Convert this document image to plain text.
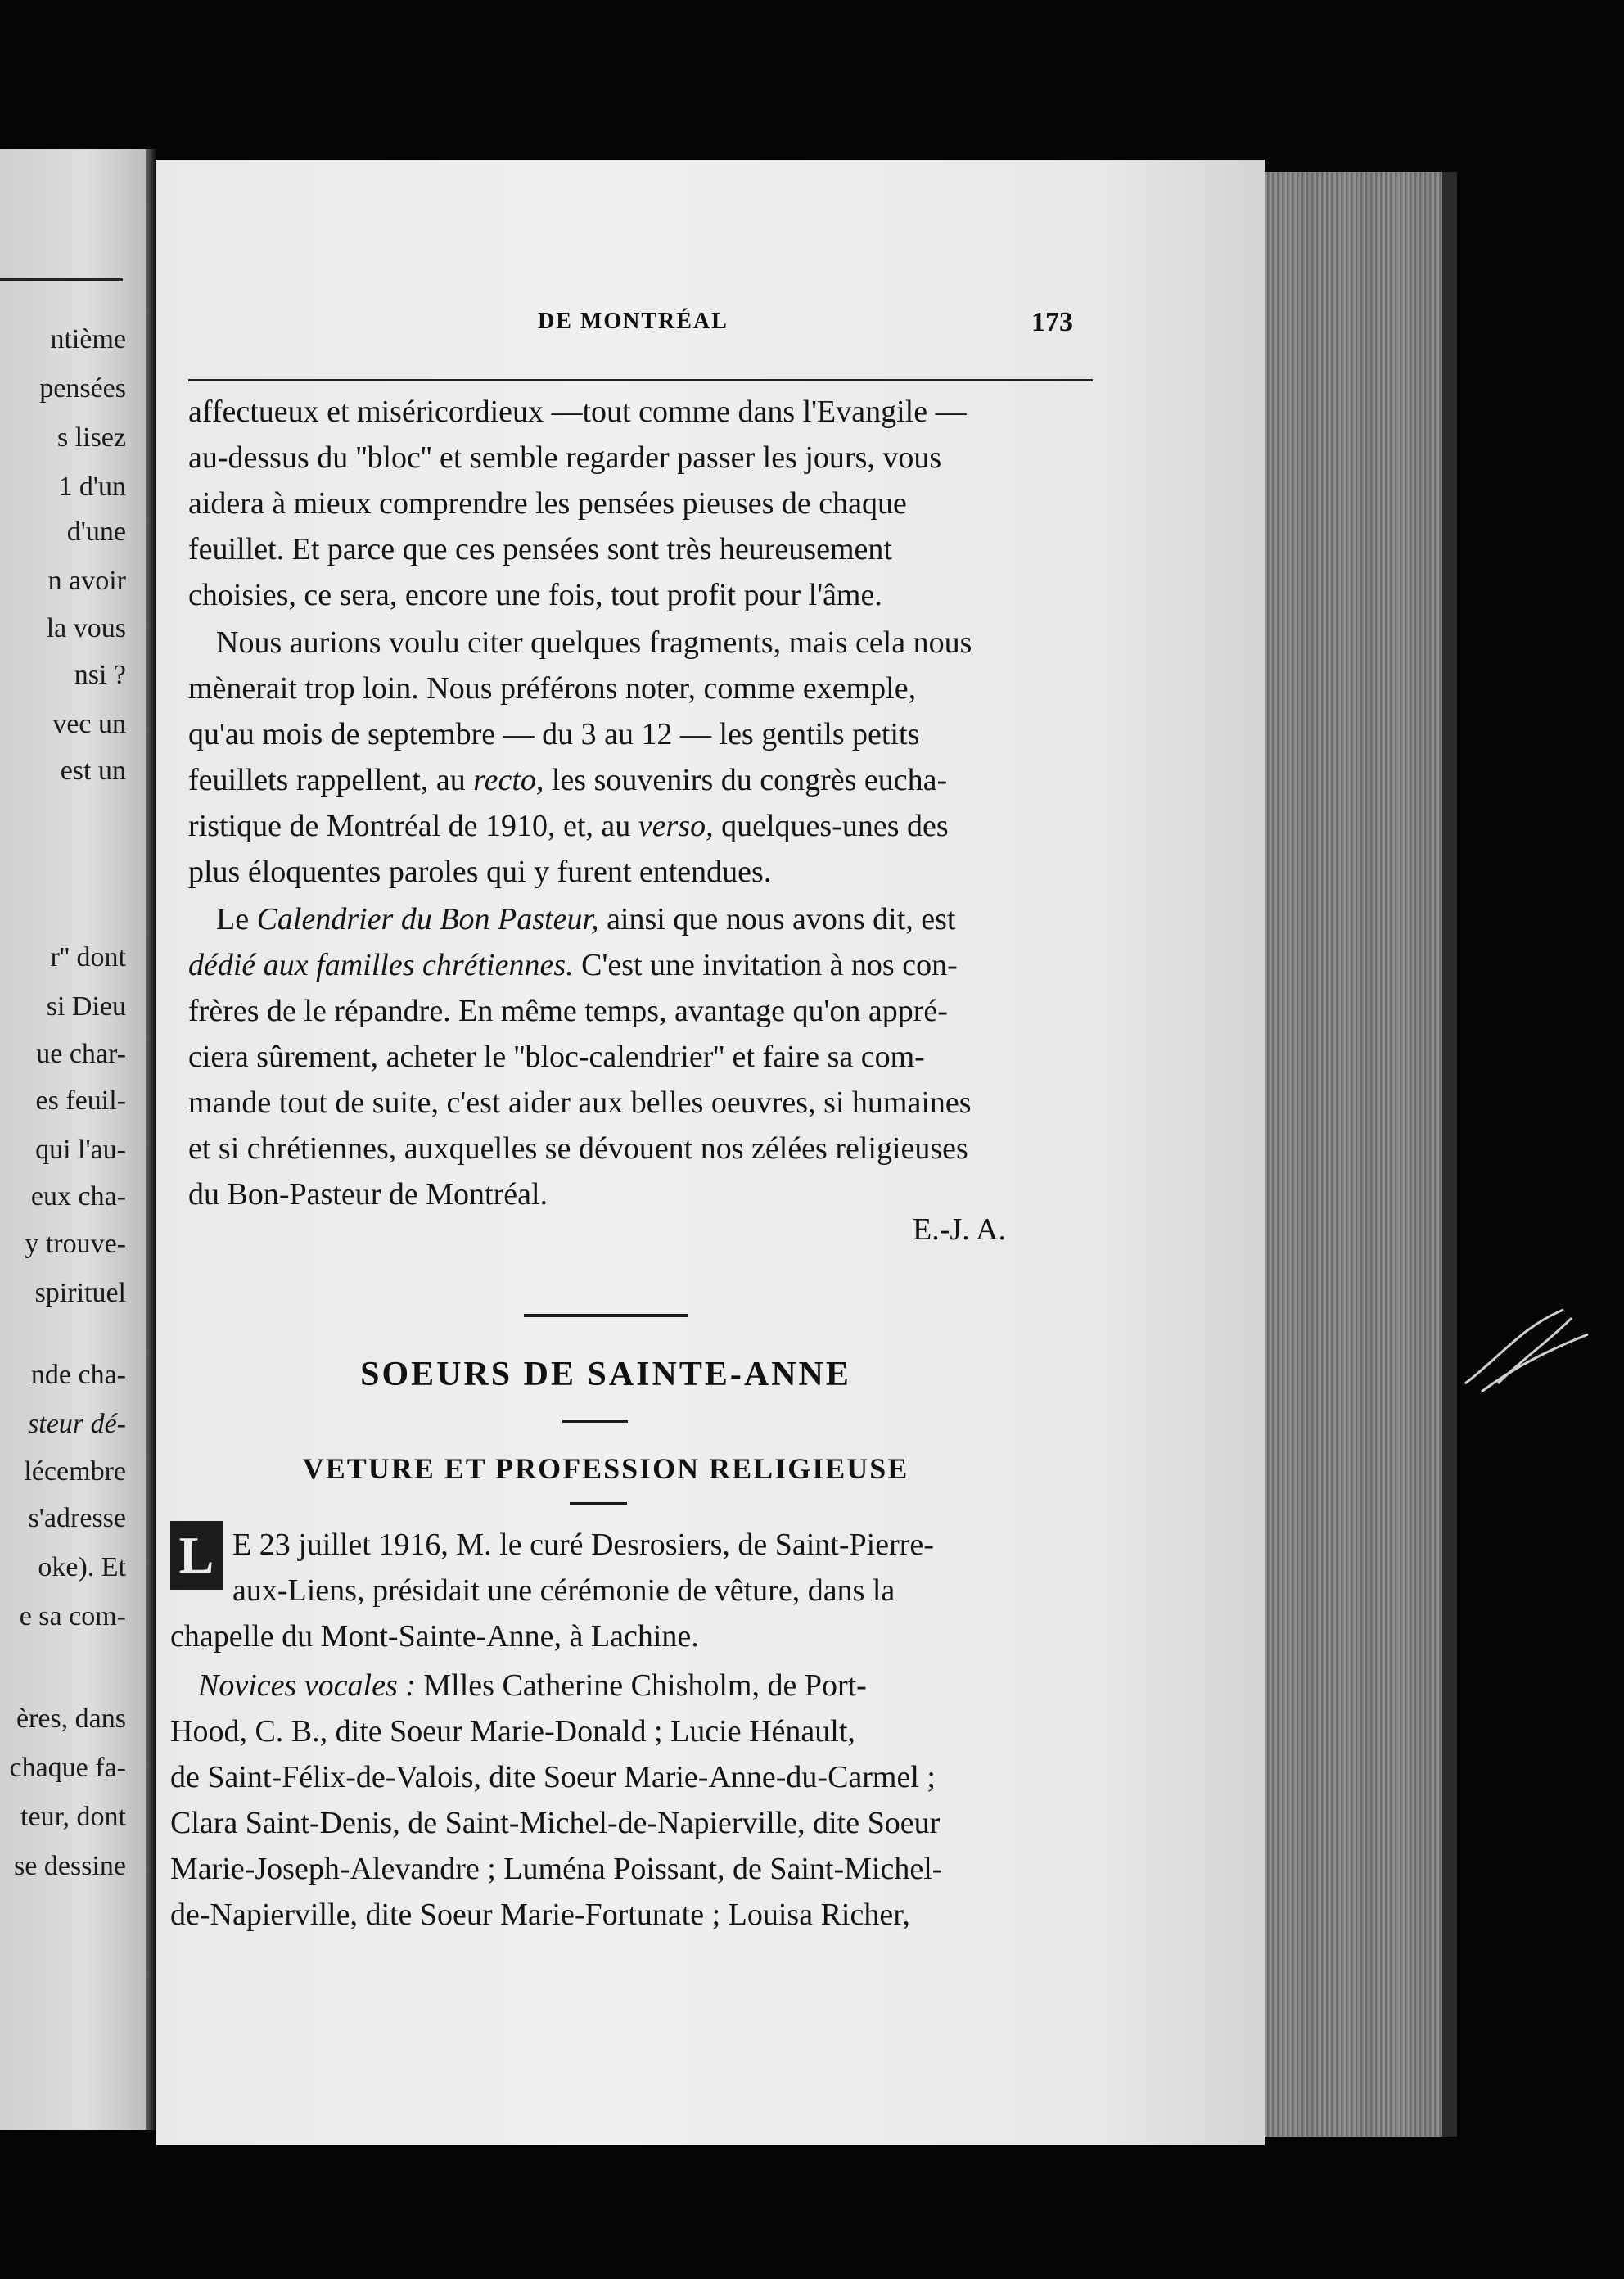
ntième
pensées
s lisez
1 d'un
d'une
n avoir
la vous
nsi ?
vec un
est un
r'' dont
si Dieu
ue char-
es feuil-
qui l'au-
eux cha-
y trouve-
spirituel
nde cha-
steur dé-
lécembre
s'adresse
oke). Et
e sa com-
ères, dans
chaque fa-
teur, dont
se dessine
DE MONTRÉAL	173
affectueux et miséricordieux —tout comme dans l'Evangile —
au-dessus du ''bloc'' et semble regarder passer les jours, vous
aidera à mieux comprendre les pensées pieuses de chaque
feuillet. Et parce que ces pensées sont très heureusement
choisies, ce sera, encore une fois, tout profit pour l'âme.
Nous aurions voulu citer quelques fragments, mais cela nous
mènerait trop loin. Nous préférons noter, comme exemple,
qu'au mois de septembre — du 3 au 12 — les gentils petits
feuillets rappellent, au recto, les souvenirs du congrès eucha-
ristique de Montréal de 1910, et, au verso, quelques-unes des
plus éloquentes paroles qui y furent entendues.
Le Calendrier du Bon Pasteur, ainsi que nous avons dit, est
dédié aux familles chrétiennes. C'est une invitation à nos con-
frères de le répandre. En même temps, avantage qu'on appré-
ciera sûrement, acheter le ''bloc-calendrier'' et faire sa com-
mande tout de suite, c'est aider aux belles oeuvres, si humaines
et si chrétiennes, auxquelles se dévouent nos zélées religieuses
du Bon-Pasteur de Montréal.
E.-J. A.
SOEURS DE SAINTE-ANNE
VETURE ET PROFESSION RELIGIEUSE
L E 23 juillet 1916, M. le curé Desrosiers, de Saint-Pierre-
aux-Liens, présidait une cérémonie de vêture, dans la
chapelle du Mont-Sainte-Anne, à Lachine.
Novices vocales : Mlles Catherine Chisholm, de Port-
Hood, C. B., dite Soeur Marie-Donald ; Lucie Hénault,
de Saint-Félix-de-Valois, dite Soeur Marie-Anne-du-Carmel ;
Clara Saint-Denis, de Saint-Michel-de-Napierville, dite Soeur
Marie-Joseph-Alevandre ; Luména Poissant, de Saint-Michel-
de-Napierville, dite Soeur Marie-Fortunate ; Louisa Richer,
